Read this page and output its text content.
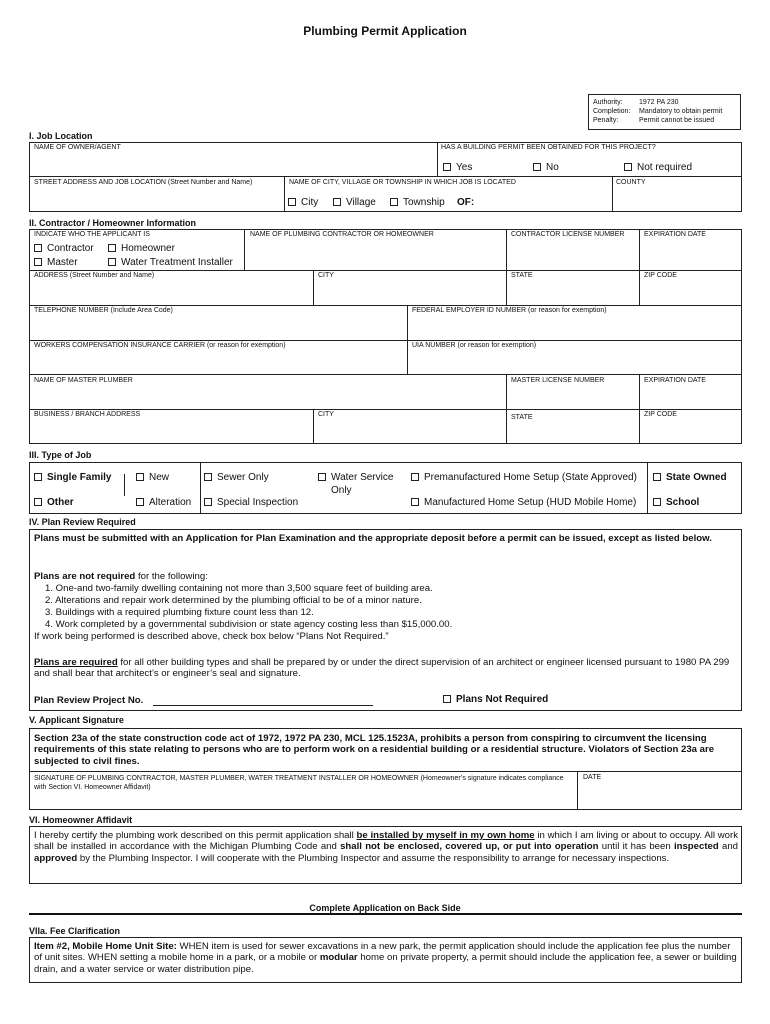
Plumbing Permit Application
Authority: 1972 PA 230
Completion: Mandatory to obtain permit
Penalty:	Permit cannot be issued
I. Job Location
NAME OF OWNER/AGENT	HAS A BUILDING PERMIT BEEN OBTAINED FOR THIS PROJECT?
Yes	No	Not required
STREET ADDRESS AND JOB LOCATION (Street Number and Name)	NAME OF CITY, VILLAGE OR TOWNSHIP IN WHICH JOB IS LOCATED	COUNTY
City	Village	Township OF:
II. Contractor / Homeowner Information
INDICATE WHO THE APPLICANT IS
Contractor	Homeowner
Master	Water Treatment Installer
NAME OF PLUMBING CONTRACTOR OR HOMEOWNER	CONTRACTOR LICENSE NUMBER	EXPIRATION DATE
ADDRESS (Street Number and Name)	CITY	STATE	ZIP CODE
TELEPHONE NUMBER (Include Area Code)	FEDERAL EMPLOYER ID NUMBER (or reason for exemption)
WORKERS COMPENSATION INSURANCE CARRIER (or reason for exemption)	UIA NUMBER (or reason for exemption)
NAME OF MASTER PLUMBER	MASTER LICENSE NUMBER	EXPIRATION DATE
BUSINESS / BRANCH ADDRESS	CITY	STATE	ZIP CODE
III. Type of Job
Single Family
Other
New
Alteration
Sewer Only
Special Inspection
Water Service
Only
Premanufactured Home Setup (State Approved)
Manufactured Home Setup (HUD Mobile Home)
State Owned
School
IV. Plan Review Required
Plans must be submitted with an Application for Plan Examination and the appropriate deposit before a permit can be issued, except as listed below.
Plans are not required for the following:
1. One-and two-family dwelling containing not more than 3,500 square feet of building area.
2. Alterations and repair work determined by the plumbing official to be of a minor nature.
3. Buildings with a required plumbing fixture count less than 12.
4. Work completed by a governmental subdivision or state agency costing less than $15,000.00.
If work being performed is described above, check box below “Plans Not Required.”
Plans are required for all other building types and shall be prepared by or under the direct supervision of an architect or engineer licensed pursuant to 1980 PA 299 and shall bear that architect’s or engineer’s seal and signature.
Plan Review Project No.	Plans Not Required
V. Applicant Signature
Section 23a of the state construction code act of 1972, 1972 PA 230, MCL 125.1523A, prohibits a person from conspiring to circumvent the licensing requirements of this state relating to persons who are to perform work on a residential building or a residential structure. Violators of Section 23a are subjected to civil fines.
SIGNATURE OF PLUMBING CONTRACTOR, MASTER PLUMBER, WATER TREATMENT INSTALLER OR HOMEOWNER (Homeowner’s signature indicates compliance with Section VI. Homeowner Affidavit)
DATE
VI. Homeowner Affidavit
I hereby certify the plumbing work described on this permit application shall be installed by myself in my own home in which I am living or about to occupy. All work shall be installed in accordance with the Michigan Plumbing Code and shall not be enclosed, covered up, or put into operation until it has been inspected and approved by the Plumbing Inspector. I will cooperate with the Plumbing Inspector and assume the responsibility to arrange for necessary inspections.
Complete Application on Back Side
VIIa. Fee Clarification
Item #2, Mobile Home Unit Site: WHEN item is used for sewer excavations in a new park, the permit application should include the application fee plus the number of unit sites. WHEN setting a mobile home in a park, or a mobile or modular home on private property, a permit should include the application fee, a sewer or building drain, and a water service or water distribution pipe.
